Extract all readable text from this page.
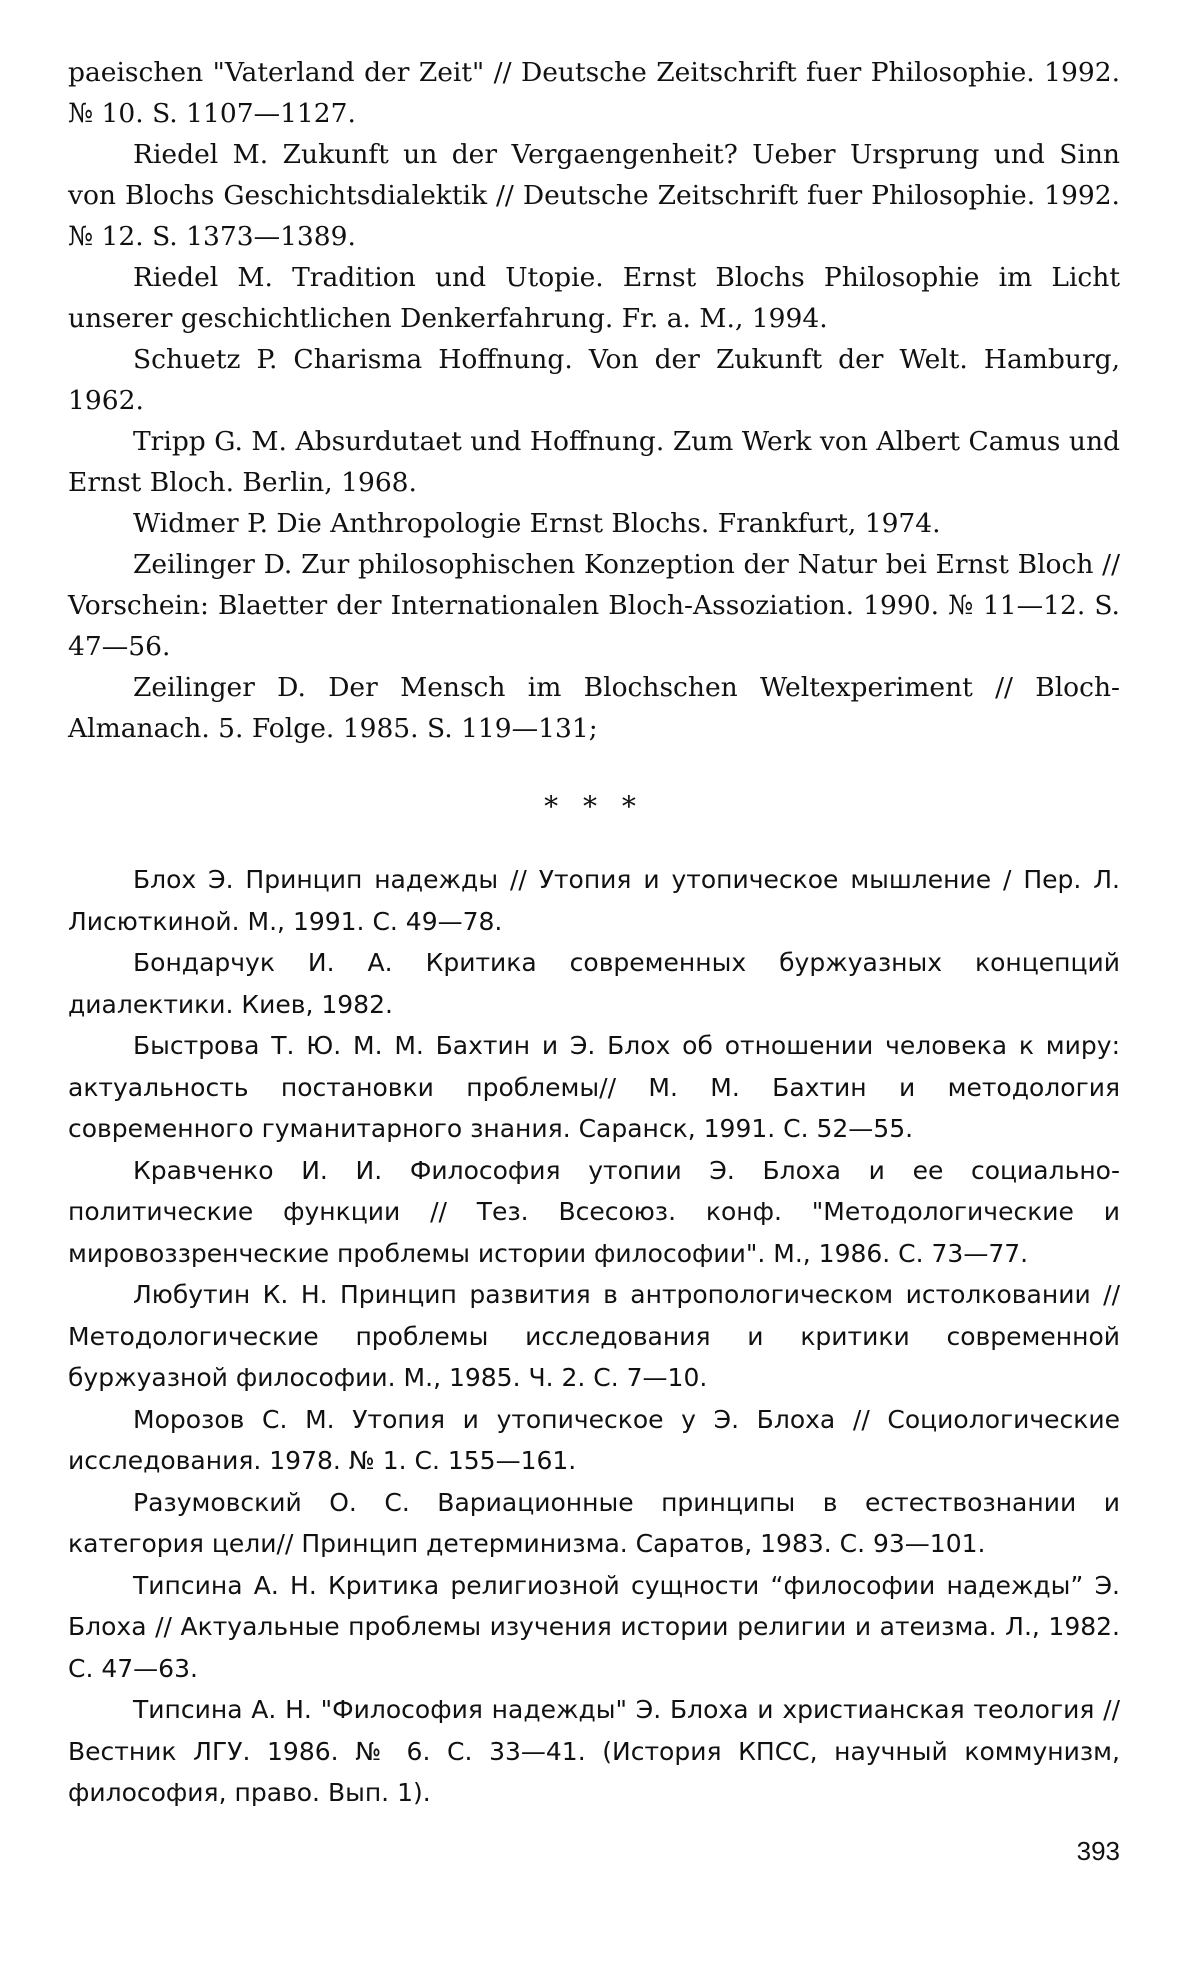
paeischen "Vaterland der Zeit" // Deutsche Zeitschrift fuer Philosophie. 1992. № 10. S. 1107—1127.

Riedel M. Zukunft un der Vergaengenheit? Ueber Ursprung und Sinn von Blochs Geschichtsdialektik // Deutsche Zeitschrift fuer Philosophie. 1992. № 12. S. 1373—1389.

Riedel M. Tradition und Utopie. Ernst Blochs Philosophie im Licht unserer geschichtlichen Denkerfahrung. Fr. a. M., 1994.

Schuetz P. Charisma Hoffnung. Von der Zukunft der Welt. Hamburg, 1962.

Tripp G. M. Absurdutaet und Hoffnung. Zum Werk von Albert Camus und Ernst Bloch. Berlin, 1968.

Widmer P. Die Anthropologie Ernst Blochs. Frankfurt, 1974.

Zeilinger D. Zur philosophischen Konzeption der Natur bei Ernst Bloch // Vorschein: Blaetter der Internationalen Bloch-Assoziation. 1990. № 11—12. S. 47—56.

Zeilinger D. Der Mensch im Blochschen Weltexperiment // Bloch-Almanach. 5. Folge. 1985. S. 119—131;

* * *

Блох Э. Принцип надежды // Утопия и утопическое мышление / Пер. Л. Лисюткиной. М., 1991. С. 49—78.

Бондарчук И. А. Критика современных буржуазных концепций диалектики. Киев, 1982.

Быстрова Т. Ю. М. М. Бахтин и Э. Блох об отношении человека к миру: актуальность постановки проблемы// М. М. Бахтин и методология современного гуманитарного знания. Саранск, 1991. С. 52—55.

Кравченко И. И. Философия утопии Э. Блоха и ее социально-политические функции // Тез. Всесоюз. конф. "Методологические и мировоззренческие проблемы истории философии". М., 1986. С. 73—77.

Любутин К. Н. Принцип развития в антропологическом истолковании // Методологические проблемы исследования и критики современной буржуазной философии. М., 1985. Ч. 2. С. 7—10.

Морозов С. М. Утопия и утопическое у Э. Блоха // Социологические исследования. 1978. № 1. С. 155—161.

Разумовский О. С. Вариационные принципы в естествознании и категория цели// Принцип детерминизма. Саратов, 1983. С. 93—101.

Типсина А. Н. Критика религиозной сущности “философии надежды” Э. Блоха // Актуальные проблемы изучения истории религии и атеизма. Л., 1982. С. 47—63.

Типсина А. Н. "Философия надежды" Э. Блоха и христианская теология // Вестник ЛГУ. 1986. № 6. С. 33—41. (История КПСС, научный коммунизм, философия, право. Вып. 1).

393
